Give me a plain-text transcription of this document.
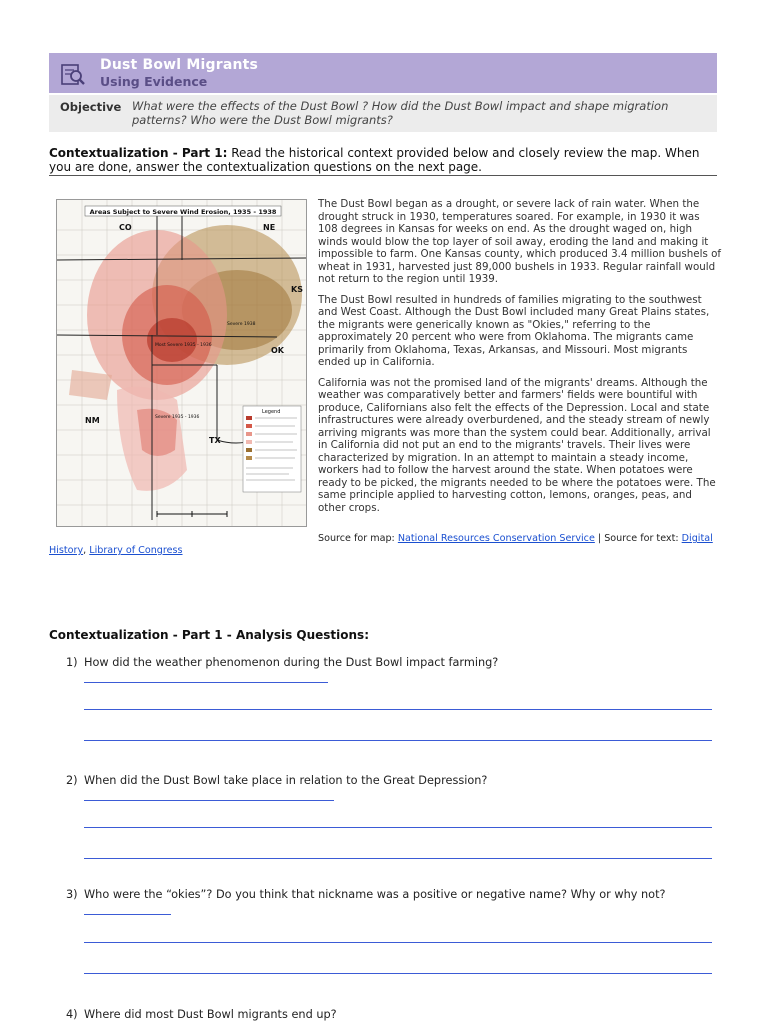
Dust Bowl Migrants
Using Evidence
Objective What were the effects of the Dust Bowl ? How did the Dust Bowl impact and shape migration patterns? Who were the Dust Bowl migrants?
Contextualization - Part 1: Read the historical context provided below and closely review the map. When you are done, answer the contextualization questions on the next page.
Areas Subject to Severe Wind Erosion, 1935 - 1938
CO	NE
KS
OK
NM
TX
Most Severe 1935 - 1936
Severe 1935 - 1936
Severe 1938
Legend

The Dust Bowl began as a drought, or severe lack of rain water. When the drought struck in 1930, temperatures soared. For example, in 1930 it was 108 degrees in Kansas for weeks on end. As the drought waged on, high winds would blow the top layer of soil away, eroding the land and making it impossible to farm. One Kansas county, which produced 3.4 million bushels of wheat in 1931, harvested just 89,000 bushels in 1933. Regular rainfall would not return to the region until 1939.

The Dust Bowl resulted in hundreds of families migrating to the southwest and West Coast. Although the Dust Bowl included many Great Plains states, the migrants were generically known as "Okies," referring to the approximately 20 percent who were from Oklahoma. The migrants came primarily from Oklahoma, Texas, Arkansas, and Missouri. Most migrants ended up in California.

California was not the promised land of the migrants' dreams. Although the weather was comparatively better and farmers' fields were bountiful with produce, Californians also felt the effects of the Depression. Local and state infrastructures were already overburdened, and the steady stream of newly arriving migrants was more than the system could bear. Additionally, arrival in California did not put an end to the migrants' travels. Their lives were characterized by migration. In an attempt to maintain a steady income, workers had to follow the harvest around the state. When potatoes were ready to be picked, the migrants needed to be where the potatoes were. The same principle applied to harvesting cotton, lemons, oranges, peas, and other crops.

Source for map: National Resources Conservation Service | Source for text: Digital
History, Library of Congress
Contextualization - Part 1 - Analysis Questions:
1) How did the weather phenomenon during the Dust Bowl impact farming?
2) When did the Dust Bowl take place in relation to the Great Depression?
3) Who were the “okies”? Do you think that nickname was a positive or negative name? Why or why not?
4) Where did most Dust Bowl migrants end up?
